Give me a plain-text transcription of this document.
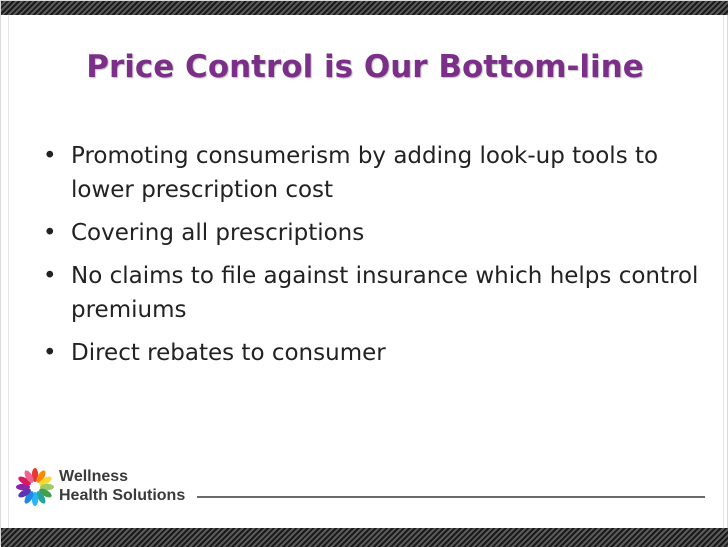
Price Control is Our Bottom-line
• Promoting consumerism by adding look-up tools to lower prescription cost
• Covering all prescriptions
• No claims to file against insurance which helps control premiums
• Direct rebates to consumer
Wellness
Health Solutions
